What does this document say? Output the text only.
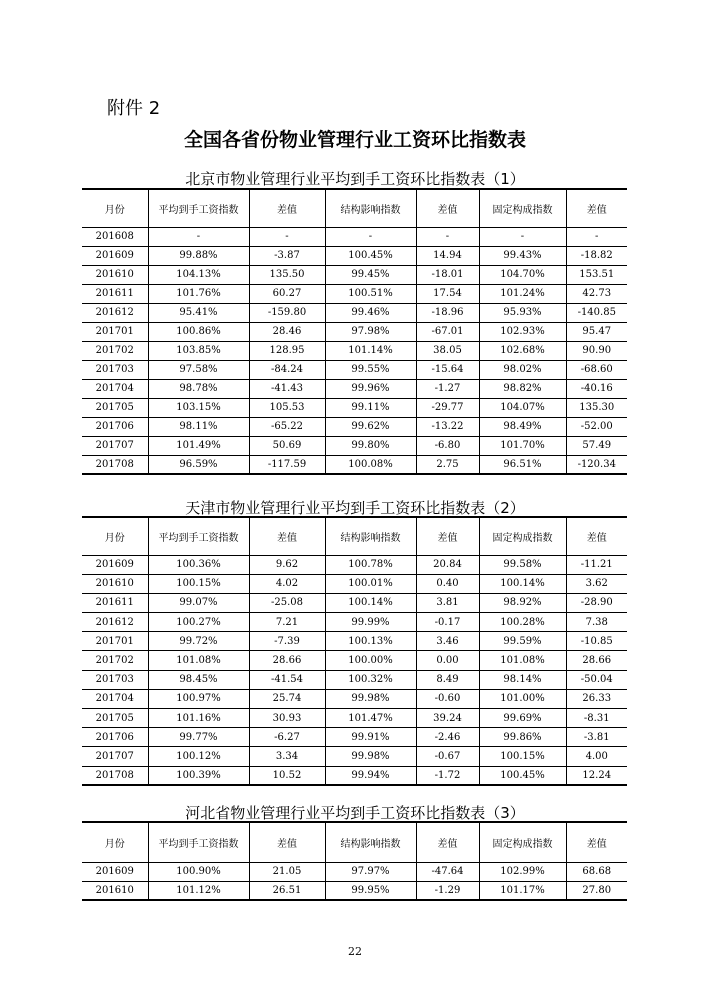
附件 2
全国各省份物业管理行业工资环比指数表
北京市物业管理行业平均到手工资环比指数表（1）
月份	平均到手工资指数	差值	结构影响指数	差值	固定构成指数	差值
201608	-	-	-	-	-	-
201609	99.88%	-3.87	100.45%	14.94	99.43%	-18.82
201610	104.13%	135.50	99.45%	-18.01	104.70%	153.51
201611	101.76%	60.27	100.51%	17.54	101.24%	42.73
201612	95.41%	-159.80	99.46%	-18.96	95.93%	-140.85
201701	100.86%	28.46	97.98%	-67.01	102.93%	95.47
201702	103.85%	128.95	101.14%	38.05	102.68%	90.90
201703	97.58%	-84.24	99.55%	-15.64	98.02%	-68.60
201704	98.78%	-41.43	99.96%	-1.27	98.82%	-40.16
201705	103.15%	105.53	99.11%	-29.77	104.07%	135.30
201706	98.11%	-65.22	99.62%	-13.22	98.49%	-52.00
201707	101.49%	50.69	99.80%	-6.80	101.70%	57.49
201708	96.59%	-117.59	100.08%	2.75	96.51%	-120.34
天津市物业管理行业平均到手工资环比指数表（2）
月份	平均到手工资指数	差值	结构影响指数	差值	固定构成指数	差值
201609	100.36%	9.62	100.78%	20.84	99.58%	-11.21
201610	100.15%	4.02	100.01%	0.40	100.14%	3.62
201611	99.07%	-25.08	100.14%	3.81	98.92%	-28.90
201612	100.27%	7.21	99.99%	-0.17	100.28%	7.38
201701	99.72%	-7.39	100.13%	3.46	99.59%	-10.85
201702	101.08%	28.66	100.00%	0.00	101.08%	28.66
201703	98.45%	-41.54	100.32%	8.49	98.14%	-50.04
201704	100.97%	25.74	99.98%	-0.60	101.00%	26.33
201705	101.16%	30.93	101.47%	39.24	99.69%	-8.31
201706	99.77%	-6.27	99.91%	-2.46	99.86%	-3.81
201707	100.12%	3.34	99.98%	-0.67	100.15%	4.00
201708	100.39%	10.52	99.94%	-1.72	100.45%	12.24
河北省物业管理行业平均到手工资环比指数表（3）
月份	平均到手工资指数	差值	结构影响指数	差值	固定构成指数	差值
201609	100.90%	21.05	97.97%	-47.64	102.99%	68.68
201610	101.12%	26.51	99.95%	-1.29	101.17%	27.80
22
